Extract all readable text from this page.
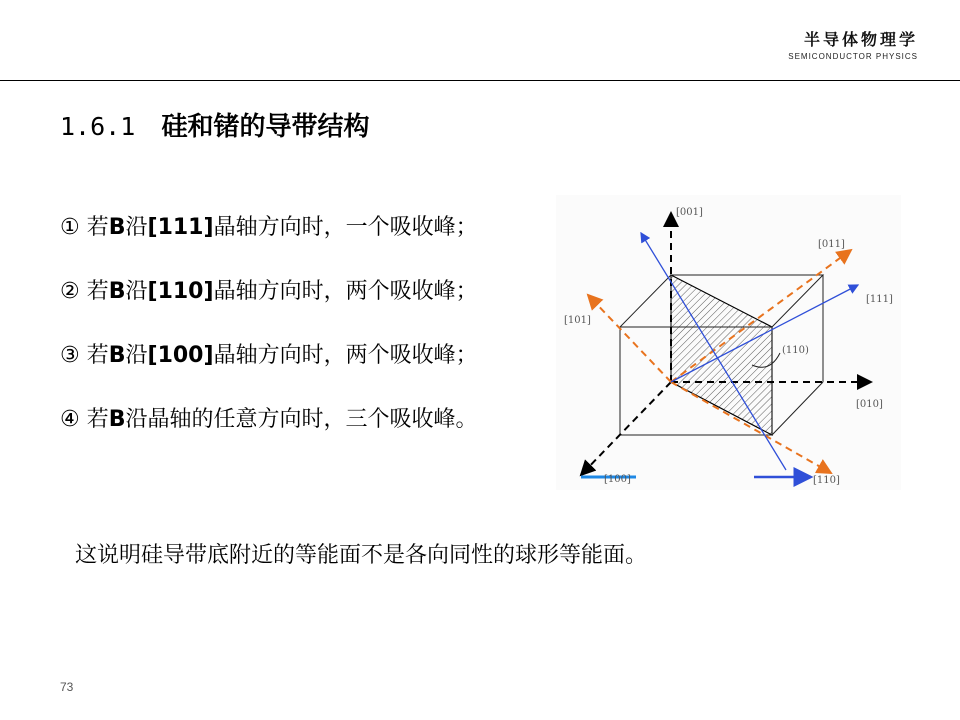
半导体物理学
SEMICONDUCTOR PHYSICS
1.6.1 硅和锗的导带结构
① 若B沿[111]晶轴方向时，一个吸收峰；
② 若B沿[110]晶轴方向时，两个吸收峰；
③ 若B沿[100]晶轴方向时，两个吸收峰；
④ 若B沿晶轴的任意方向时，三个吸收峰。
[001]
[011]
[111]
[101]
[010]
[100]	[110]
(110)
这说明硅导带底附近的等能面不是各向同性的球形等能面。
73
